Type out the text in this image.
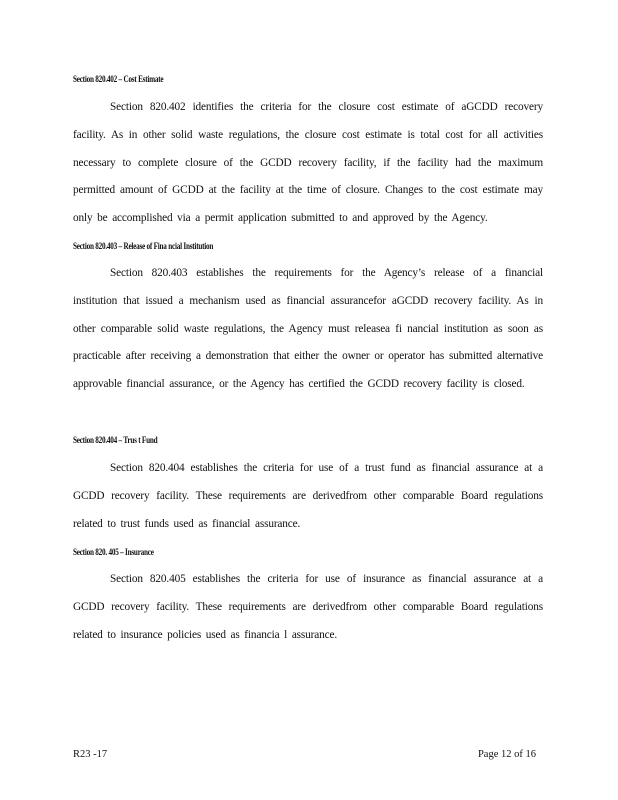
Section 820.402 – Cost Estimate

Section 820.402 identifies the criteria for the closure cost estimate of aGCDD recovery facility. As in other solid waste regulations, the closure cost estimate is total cost for all activities necessary to complete closure of the GCDD recovery facility, if the facility had the maximum permitted amount of GCDD at the facility at the time of closure. Changes to the cost estimate may only be accomplished via a permit application submitted to and approved by the Agency.

Section 820.403 – Release of Fina ncial Institution

Section 820.403 establishes the requirements for the Agency’s release of a financial institution that issued a mechanism used as financial assurancefor aGCDD recovery facility. As in other comparable solid waste regulations, the Agency must releasea fi nancial institution as soon as practicable after receiving a demonstration that either the owner or operator has submitted alternative approvable financial assurance, or the Agency has certified the GCDD recovery facility is closed.

Section 820.404 – Trus t Fund

Section 820.404 establishes the criteria for use of a trust fund as financial assurance at a GCDD recovery facility. These requirements are derivedfrom other comparable Board regulations related to trust funds used as financial assurance.

Section 820. 405 – Insurance

Section 820.405 establishes the criteria for use of insurance as financial assurance at a GCDD recovery facility. These requirements are derivedfrom other comparable Board regulations related to insurance policies used as financia l assurance.

R23 -17	Page 12 of 16
